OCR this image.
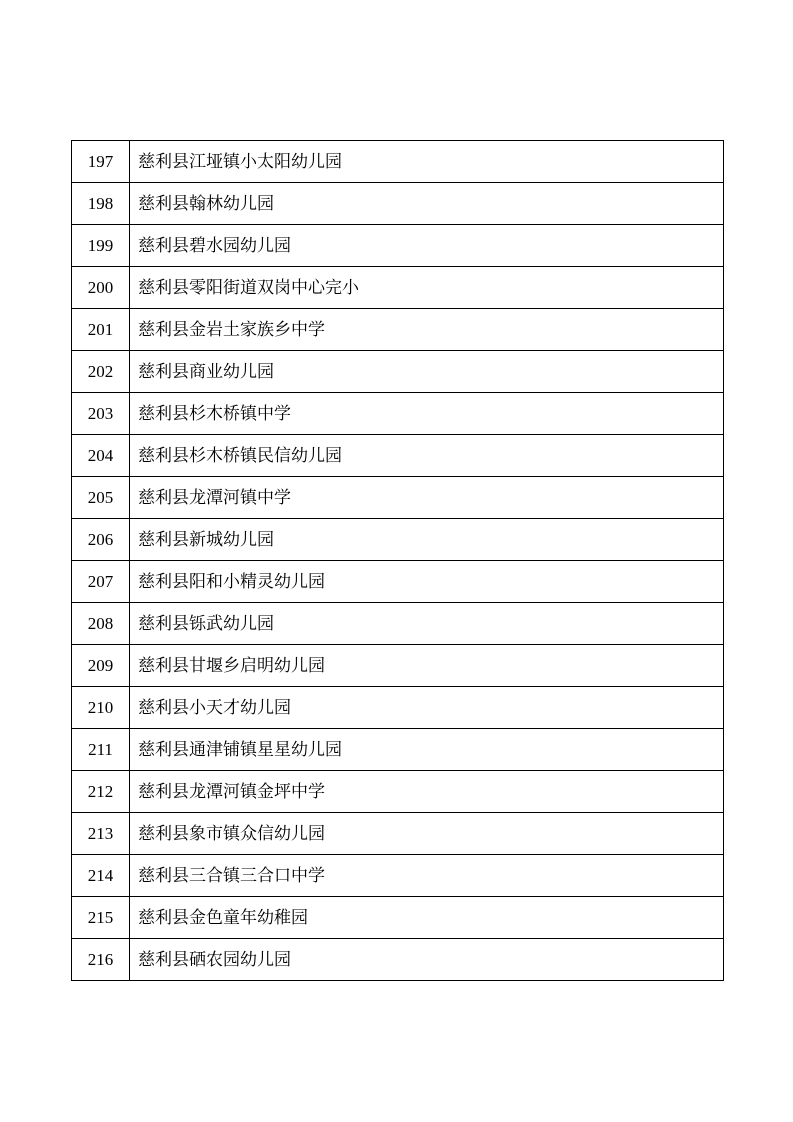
197	慈利县江垭镇小太阳幼儿园
198	慈利县翰林幼儿园
199	慈利县碧水园幼儿园
200	慈利县零阳街道双岗中心完小
201	慈利县金岩土家族乡中学
202	慈利县商业幼儿园
203	慈利县杉木桥镇中学
204	慈利县杉木桥镇民信幼儿园
205	慈利县龙潭河镇中学
206	慈利县新城幼儿园
207	慈利县阳和小精灵幼儿园
208	慈利县铄武幼儿园
209	慈利县甘堰乡启明幼儿园
210	慈利县小天才幼儿园
211	慈利县通津铺镇星星幼儿园
212	慈利县龙潭河镇金坪中学
213	慈利县象市镇众信幼儿园
214	慈利县三合镇三合口中学
215	慈利县金色童年幼稚园
216	慈利县硒农园幼儿园
